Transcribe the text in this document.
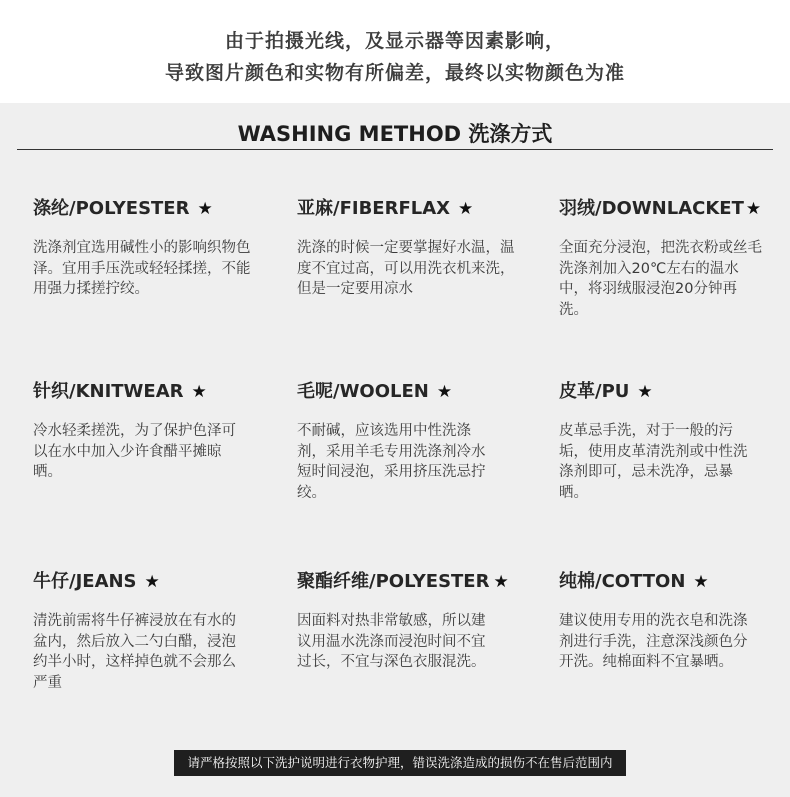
由于拍摄光线，及显示器等因素影响，
导致图片颜色和实物有所偏差，最终以实物颜色为准
WASHING METHOD 洗涤方式
涤纶/POLYESTER ★
洗涤剂宜选用碱性小的影响织物色泽。宜用手压洗或轻轻揉搓，不能用强力揉搓拧绞。
亚麻/FIBERFLAX ★
洗涤的时候一定要掌握好水温，温度不宜过高，可以用洗衣机来洗，但是一定要用凉水
羽绒/DOWNLACKET ★
全面充分浸泡，把洗衣粉或丝毛洗涤剂加入20℃左右的温水中，将羽绒服浸泡20分钟再洗。
针织/KNITWEAR ★
冷水轻柔搓洗，为了保护色泽可以在水中加入少许食醋平摊晾晒。
毛呢/WOOLEN ★
不耐碱，应该选用中性洗涤剂，采用羊毛专用洗涤剂冷水短时间浸泡，采用挤压洗忌拧绞。
皮革/PU ★
皮革忌手洗，对于一般的污垢，使用皮革清洗剂或中性洗涤剂即可，忌未洗净，忌暴晒。
牛仔/JEANS ★
清洗前需将牛仔裤浸放在有水的盆内，然后放入二勺白醋，浸泡约半小时，这样掉色就不会那么严重
聚酯纤维/POLYESTER ★
因面料对热非常敏感，所以建议用温水洗涤而浸泡时间不宜过长，不宜与深色衣服混洗。
纯棉/COTTON ★
建议使用专用的洗衣皂和洗涤剂进行手洗，注意深浅颜色分开洗。纯棉面料不宜暴晒。
请严格按照以下洗护说明进行衣物护理，错误洗涤造成的损伤不在售后范围内
